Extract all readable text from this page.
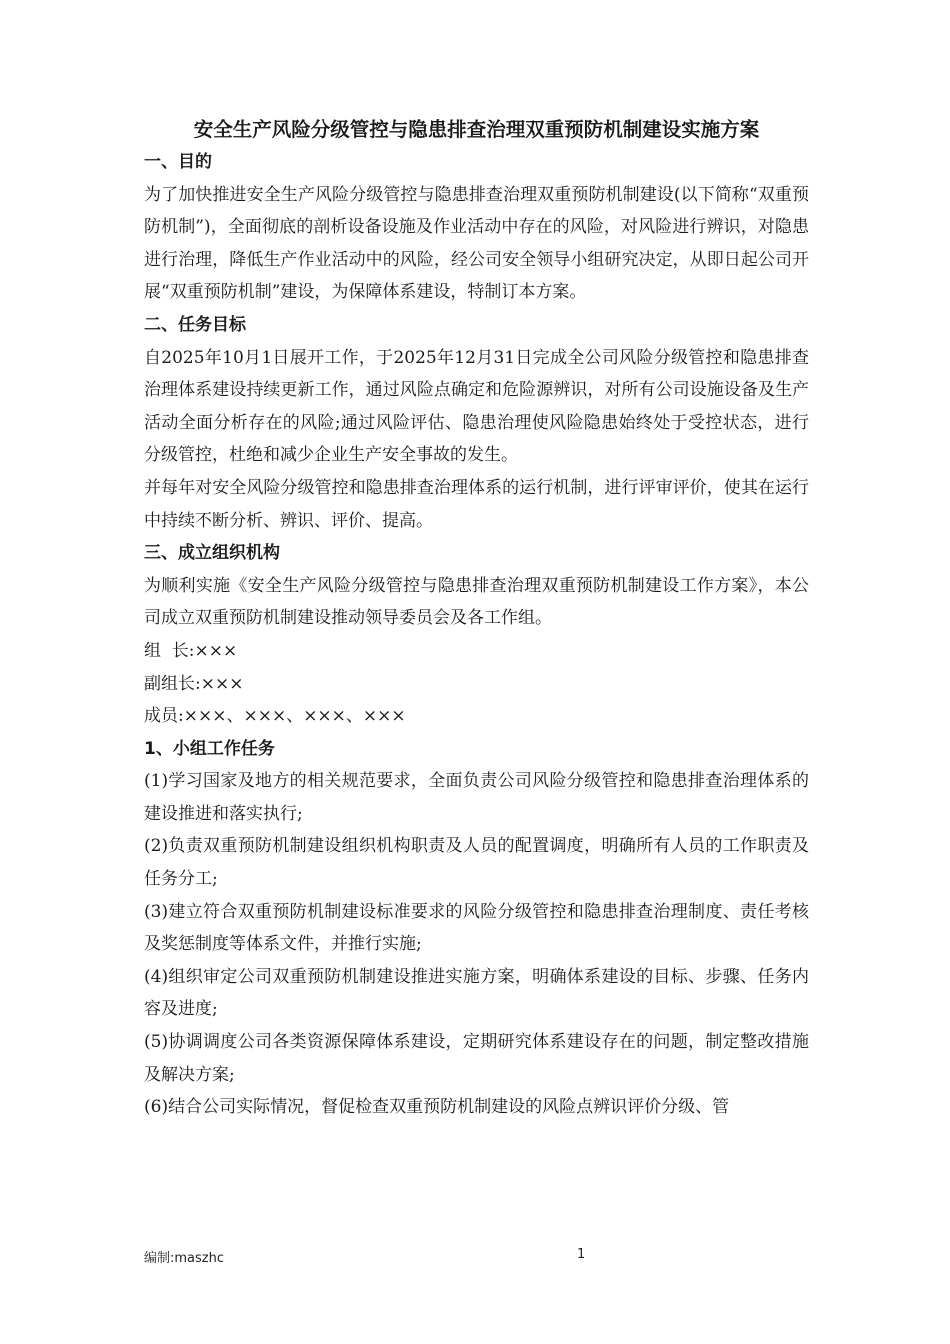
安全生产风险分级管控与隐患排查治理双重预防机制建设实施方案

一、目的

为了加快推进安全生产风险分级管控与隐患排查治理双重预防机制建设(以下简称“双重预防机制”)，全面彻底的剖析设备设施及作业活动中存在的风险，对风险进行辨识，对隐患进行治理，降低生产作业活动中的风险，经公司安全领导小组研究决定，从即日起公司开展“双重预防机制”建设，为保障体系建设，特制订本方案。

二、任务目标

自2025年10月1日展开工作，于2025年12月31日完成全公司风险分级管控和隐患排查治理体系建设持续更新工作，通过风险点确定和危险源辨识，对所有公司设施设备及生产活动全面分析存在的风险;通过风险评估、隐患治理使风险隐患始终处于受控状态，进行分级管控，杜绝和减少企业生产安全事故的发生。

并每年对安全风险分级管控和隐患排查治理体系的运行机制，进行评审评价，使其在运行中持续不断分析、辨识、评价、提高。

三、成立组织机构

为顺利实施《安全生产风险分级管控与隐患排查治理双重预防机制建设工作方案》，本公司成立双重预防机制建设推动领导委员会及各工作组。

组  长:×××

副组长:×××

成员:×××、×××、×××、×××

1、小组工作任务

(1)学习国家及地方的相关规范要求，全面负责公司风险分级管控和隐患排查治理体系的建设推进和落实执行;

(2)负责双重预防机制建设组织机构职责及人员的配置调度，明确所有人员的工作职责及任务分工;

(3)建立符合双重预防机制建设标准要求的风险分级管控和隐患排查治理制度、责任考核及奖惩制度等体系文件，并推行实施;

(4)组织审定公司双重预防机制建设推进实施方案，明确体系建设的目标、步骤、任务内容及进度;

(5)协调调度公司各类资源保障体系建设，定期研究体系建设存在的问题，制定整改措施及解决方案;

(6)结合公司实际情况，督促检查双重预防机制建设的风险点辨识评价分级、管

编制:maszhc	1
